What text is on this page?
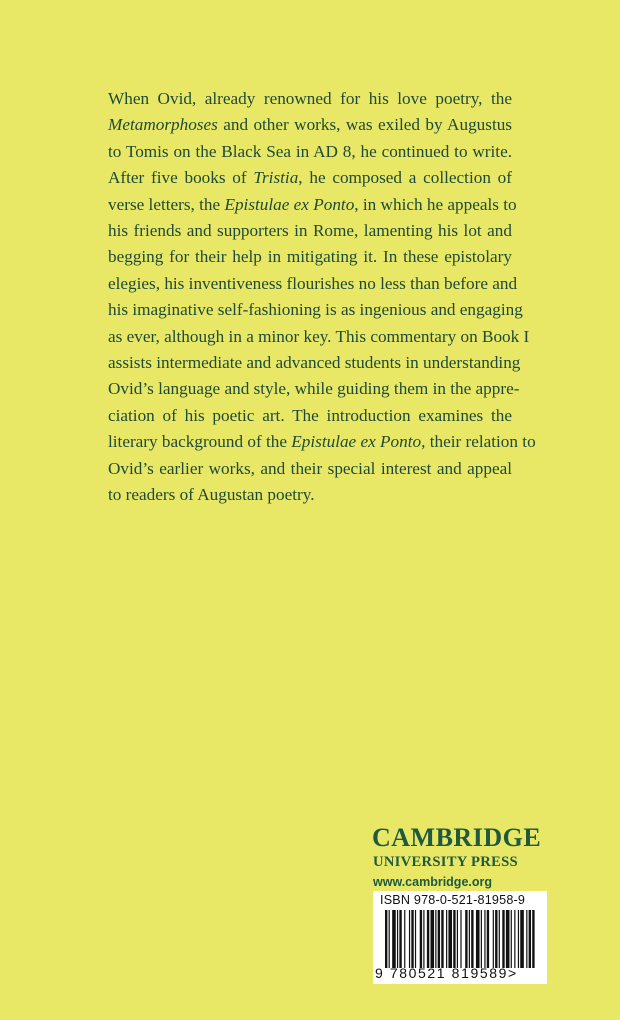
When Ovid, already renowned for his love poetry, the
Metamorphoses and other works, was exiled by Augustus
to Tomis on the Black Sea in AD 8, he continued to write.
After five books of Tristia, he composed a collection of
verse letters, the Epistulae ex Ponto, in which he appeals to
his friends and supporters in Rome, lamenting his lot and
begging for their help in mitigating it. In these epistolary
elegies, his inventiveness flourishes no less than before and
his imaginative self-fashioning is as ingenious and engaging
as ever, although in a minor key. This commentary on Book I
assists intermediate and advanced students in understanding
Ovid’s language and style, while guiding them in the appre-
ciation of his poetic art. The introduction examines the
literary background of the Epistulae ex Ponto, their relation to
Ovid’s earlier works, and their special interest and appeal
to readers of Augustan poetry.
CAMBRIDGE
UNIVERSITY PRESS
www.cambridge.org
ISBN 978-0-521-81958-9
9 780521 819589>
